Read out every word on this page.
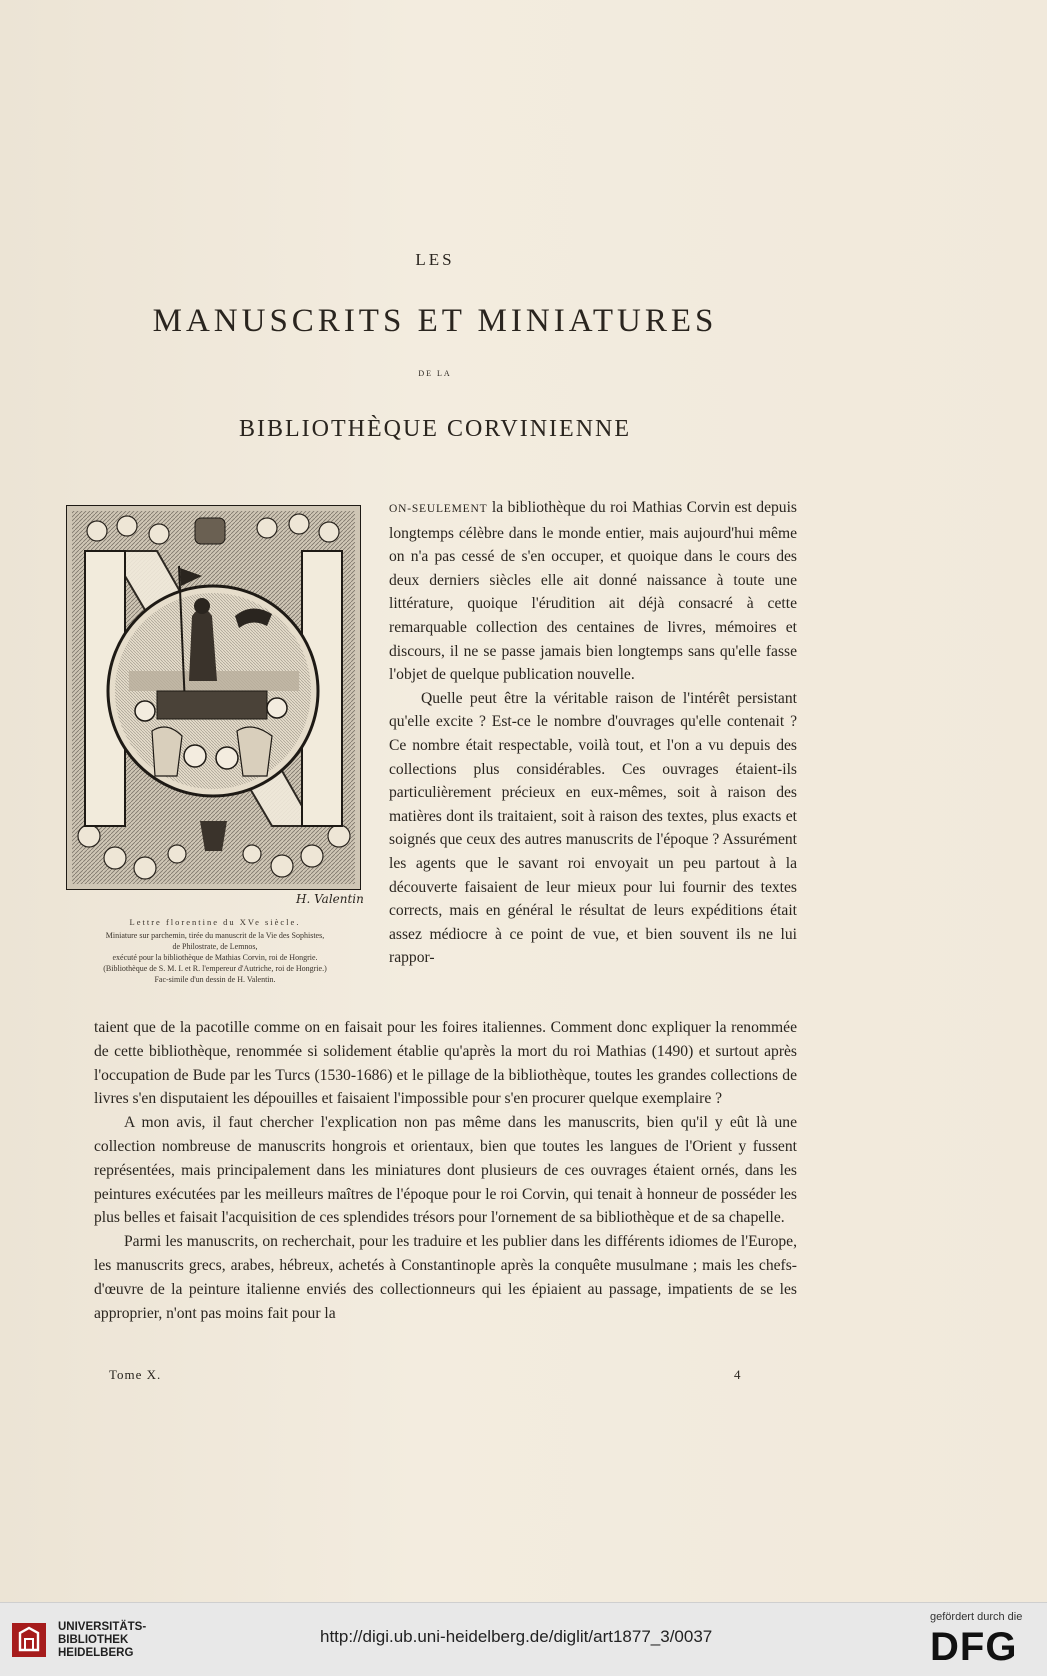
LES
MANUSCRITS ET MINIATURES
DE LA
BIBLIOTHÈQUE CORVINIENNE
H. Valentin
Lettre florentine du XVe siècle.
Miniature sur parchemin, tirée du manuscrit de la Vie des Sophistes,
de Philostrate, de Lemnos,
exécuté pour la bibliothèque de Mathias Corvin, roi de Hongrie.
(Bibliothèque de S. M. I. et R. l'empereur d'Autriche, roi de Hongrie.)
Fac-simile d'un dessin de H. Valentin.

ON-SEULEMENT la bibliothèque du roi Mathias Corvin est depuis longtemps célèbre dans le monde entier, mais aujourd'hui même on n'a pas cessé de s'en occuper, et quoique dans le cours des deux derniers siècles elle ait donné naissance à toute une littérature, quoique l'érudition ait déjà consacré à cette remarquable collection des centaines de livres, mémoires et discours, il ne se passe jamais bien longtemps sans qu'elle fasse l'objet de quelque publication nouvelle.

Quelle peut être la véritable raison de l'intérêt persistant qu'elle excite ? Est-ce le nombre d'ouvrages qu'elle contenait ? Ce nombre était respectable, voilà tout, et l'on a vu depuis des collections plus considérables. Ces ouvrages étaient-ils particulièrement précieux en eux-mêmes, soit à raison des matières dont ils traitaient, soit à raison des textes, plus exacts et soignés que ceux des autres manuscrits de l'époque ? Assurément les agents que le savant roi envoyait un peu partout à la découverte faisaient de leur mieux pour lui fournir des textes corrects, mais en général le résultat de leurs expéditions était assez médiocre à ce point de vue, et bien souvent ils ne lui rappor-

taient que de la pacotille comme on en faisait pour les foires italiennes. Comment donc expliquer la renommée de cette bibliothèque, renommée si solidement établie qu'après la mort du roi Mathias (1490) et surtout après l'occupation de Bude par les Turcs (1530-1686) et le pillage de la bibliothèque, toutes les grandes collections de livres s'en disputaient les dépouilles et faisaient l'impossible pour s'en procurer quelque exemplaire ?

A mon avis, il faut chercher l'explication non pas même dans les manuscrits, bien qu'il y eût là une collection nombreuse de manuscrits hongrois et orientaux, bien que toutes les langues de l'Orient y fussent représentées, mais principalement dans les miniatures dont plusieurs de ces ouvrages étaient ornés, dans les peintures exécutées par les meilleurs maîtres de l'époque pour le roi Corvin, qui tenait à honneur de posséder les plus belles et faisait l'acquisition de ces splendides trésors pour l'ornement de sa bibliothèque et de sa chapelle.

Parmi les manuscrits, on recherchait, pour les traduire et les publier dans les différents idiomes de l'Europe, les manuscrits grecs, arabes, hébreux, achetés à Constantinople après la conquête musulmane ; mais les chefs-d'œuvre de la peinture italienne enviés des collectionneurs qui les épiaient au passage, impatients de se les approprier, n'ont pas moins fait pour la

Tome X.	4
UNIVERSITÄTS-
BIBLIOTHEK
HEIDELBERG
http://digi.ub.uni-heidelberg.de/diglit/art1877_3/0037
gefördert durch die
DFG
